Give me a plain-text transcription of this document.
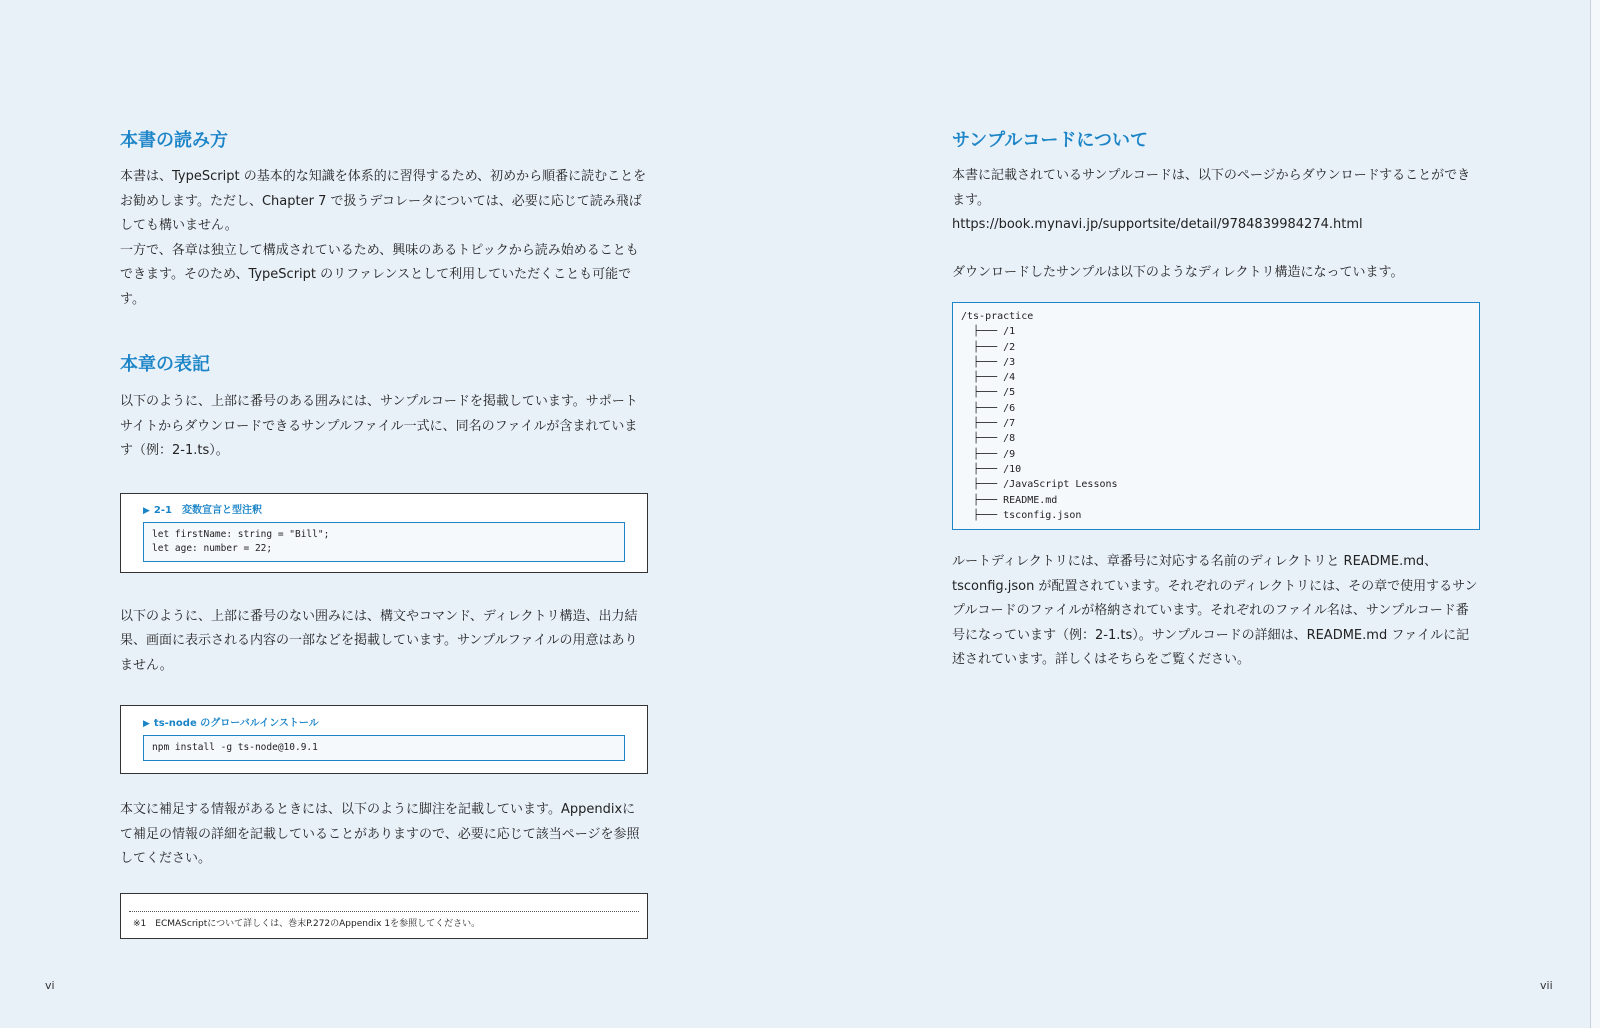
本書の読み方

本書は、TypeScript の基本的な知識を体系的に習得するため、初めから順番に読むことをお勧めします。ただし、Chapter 7 で扱うデコレータについては、必要に応じて読み飛ばしても構いません。

一方で、各章は独立して構成されているため、興味のあるトピックから読み始めることもできます。そのため、TypeScript のリファレンスとして利用していただくことも可能です。

本章の表記

以下のように、上部に番号のある囲みには、サンプルコードを掲載しています。サポートサイトからダウンロードできるサンプルファイル一式に、同名のファイルが含まれています（例：2-1.ts）。

▶ 2-1　変数宣言と型注釈
let firstName: string = "Bill";
let age: number = 22;

以下のように、上部に番号のない囲みには、構文やコマンド、ディレクトリ構造、出力結果、画面に表示される内容の一部などを掲載しています。サンプルファイルの用意はありません。

▶ ts-node のグローバルインストール
npm install -g ts-node@10.9.1

本文に補足する情報があるときには、以下のように脚注を記載しています。Appendixにて補足の情報の詳細を記載していることがありますので、必要に応じて該当ページを参照してください。

※1　ECMAScriptについて詳しくは、巻末P.272のAppendix 1を参照してください。
vi
サンプルコードについて

本書に記載されているサンプルコードは、以下のページからダウンロードすることができます。

https://book.mynavi.jp/supportsite/detail/9784839984274.html

ダウンロードしたサンプルは以下のようなディレクトリ構造になっています。

/ts-practice
├─── /1
├─── /2
├─── /3
├─── /4
├─── /5
├─── /6
├─── /7
├─── /8
├─── /9
├─── /10
├─── /JavaScript Lessons
├─── README.md
├─── tsconfig.json

ルートディレクトリには、章番号に対応する名前のディレクトリと README.md、tsconfig.json が配置されています。それぞれのディレクトリには、その章で使用するサンプルコードのファイルが格納されています。それぞれのファイル名は、サンプルコード番号になっています（例：2-1.ts）。サンプルコードの詳細は、README.md ファイルに記述されています。詳しくはそちらをご覧ください。

vii
